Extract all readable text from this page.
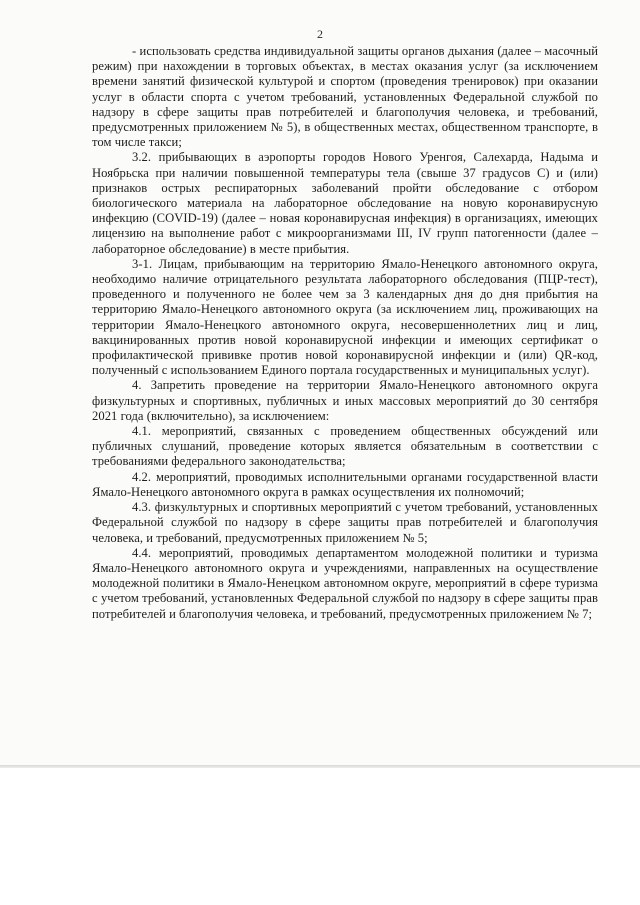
2

- использовать средства индивидуальной защиты органов дыхания (далее – масочный режим) при нахождении в торговых объектах, в местах оказания услуг (за исключением времени занятий физической культурой и спортом (проведения тренировок) при оказании услуг в области спорта с учетом требований, установленных Федеральной службой по надзору в сфере защиты прав потребителей и благополучия человека, и требований, предусмотренных приложением № 5), в общественных местах, общественном транспорте, в том числе такси;

3.2. прибывающих в аэропорты городов Нового Уренгоя, Салехарда, Надыма и Ноябрьска при наличии повышенной температуры тела (свыше 37 градусов С) и (или) признаков острых респираторных заболеваний пройти обследование с отбором биологического материала на лабораторное обследование на новую коронавирусную инфекцию (COVID-19) (далее – новая коронавирусная инфекция) в организациях, имеющих лицензию на выполнение работ с микроорганизмами III, IV групп патогенности (далее – лабораторное обследование) в месте прибытия.

3-1. Лицам, прибывающим на территорию Ямало-Ненецкого автономного округа, необходимо наличие отрицательного результата лабораторного обследования (ПЦР-тест), проведенного и полученного не более чем за 3 календарных дня до дня прибытия на территорию Ямало-Ненецкого автономного округа (за исключением лиц, проживающих на территории Ямало-Ненецкого автономного округа, несовершеннолетних лиц и лиц, вакцинированных против новой коронавирусной инфекции и имеющих сертификат о профилактической прививке против новой коронавирусной инфекции и (или) QR-код, полученный с использованием Единого портала государственных и муниципальных услуг).

4. Запретить проведение на территории Ямало-Ненецкого автономного округа физкультурных и спортивных, публичных и иных массовых мероприятий до 30 сентября 2021 года (включительно), за исключением:

4.1. мероприятий, связанных с проведением общественных обсуждений или публичных слушаний, проведение которых является обязательным в соответствии с требованиями федерального законодательства;

4.2. мероприятий, проводимых исполнительными органами государственной власти Ямало-Ненецкого автономного округа в рамках осуществления их полномочий;

4.3. физкультурных и спортивных мероприятий с учетом требований, установленных Федеральной службой по надзору в сфере защиты прав потребителей и благополучия человека, и требований, предусмотренных приложением № 5;

4.4. мероприятий, проводимых департаментом молодежной политики и туризма Ямало-Ненецкого автономного округа и учреждениями, направленных на осуществление молодежной политики в Ямало-Ненецком автономном округе, мероприятий в сфере туризма с учетом требований, установленных Федеральной службой по надзору в сфере защиты прав потребителей и благополучия человека, и требований, предусмотренных приложением № 7;
